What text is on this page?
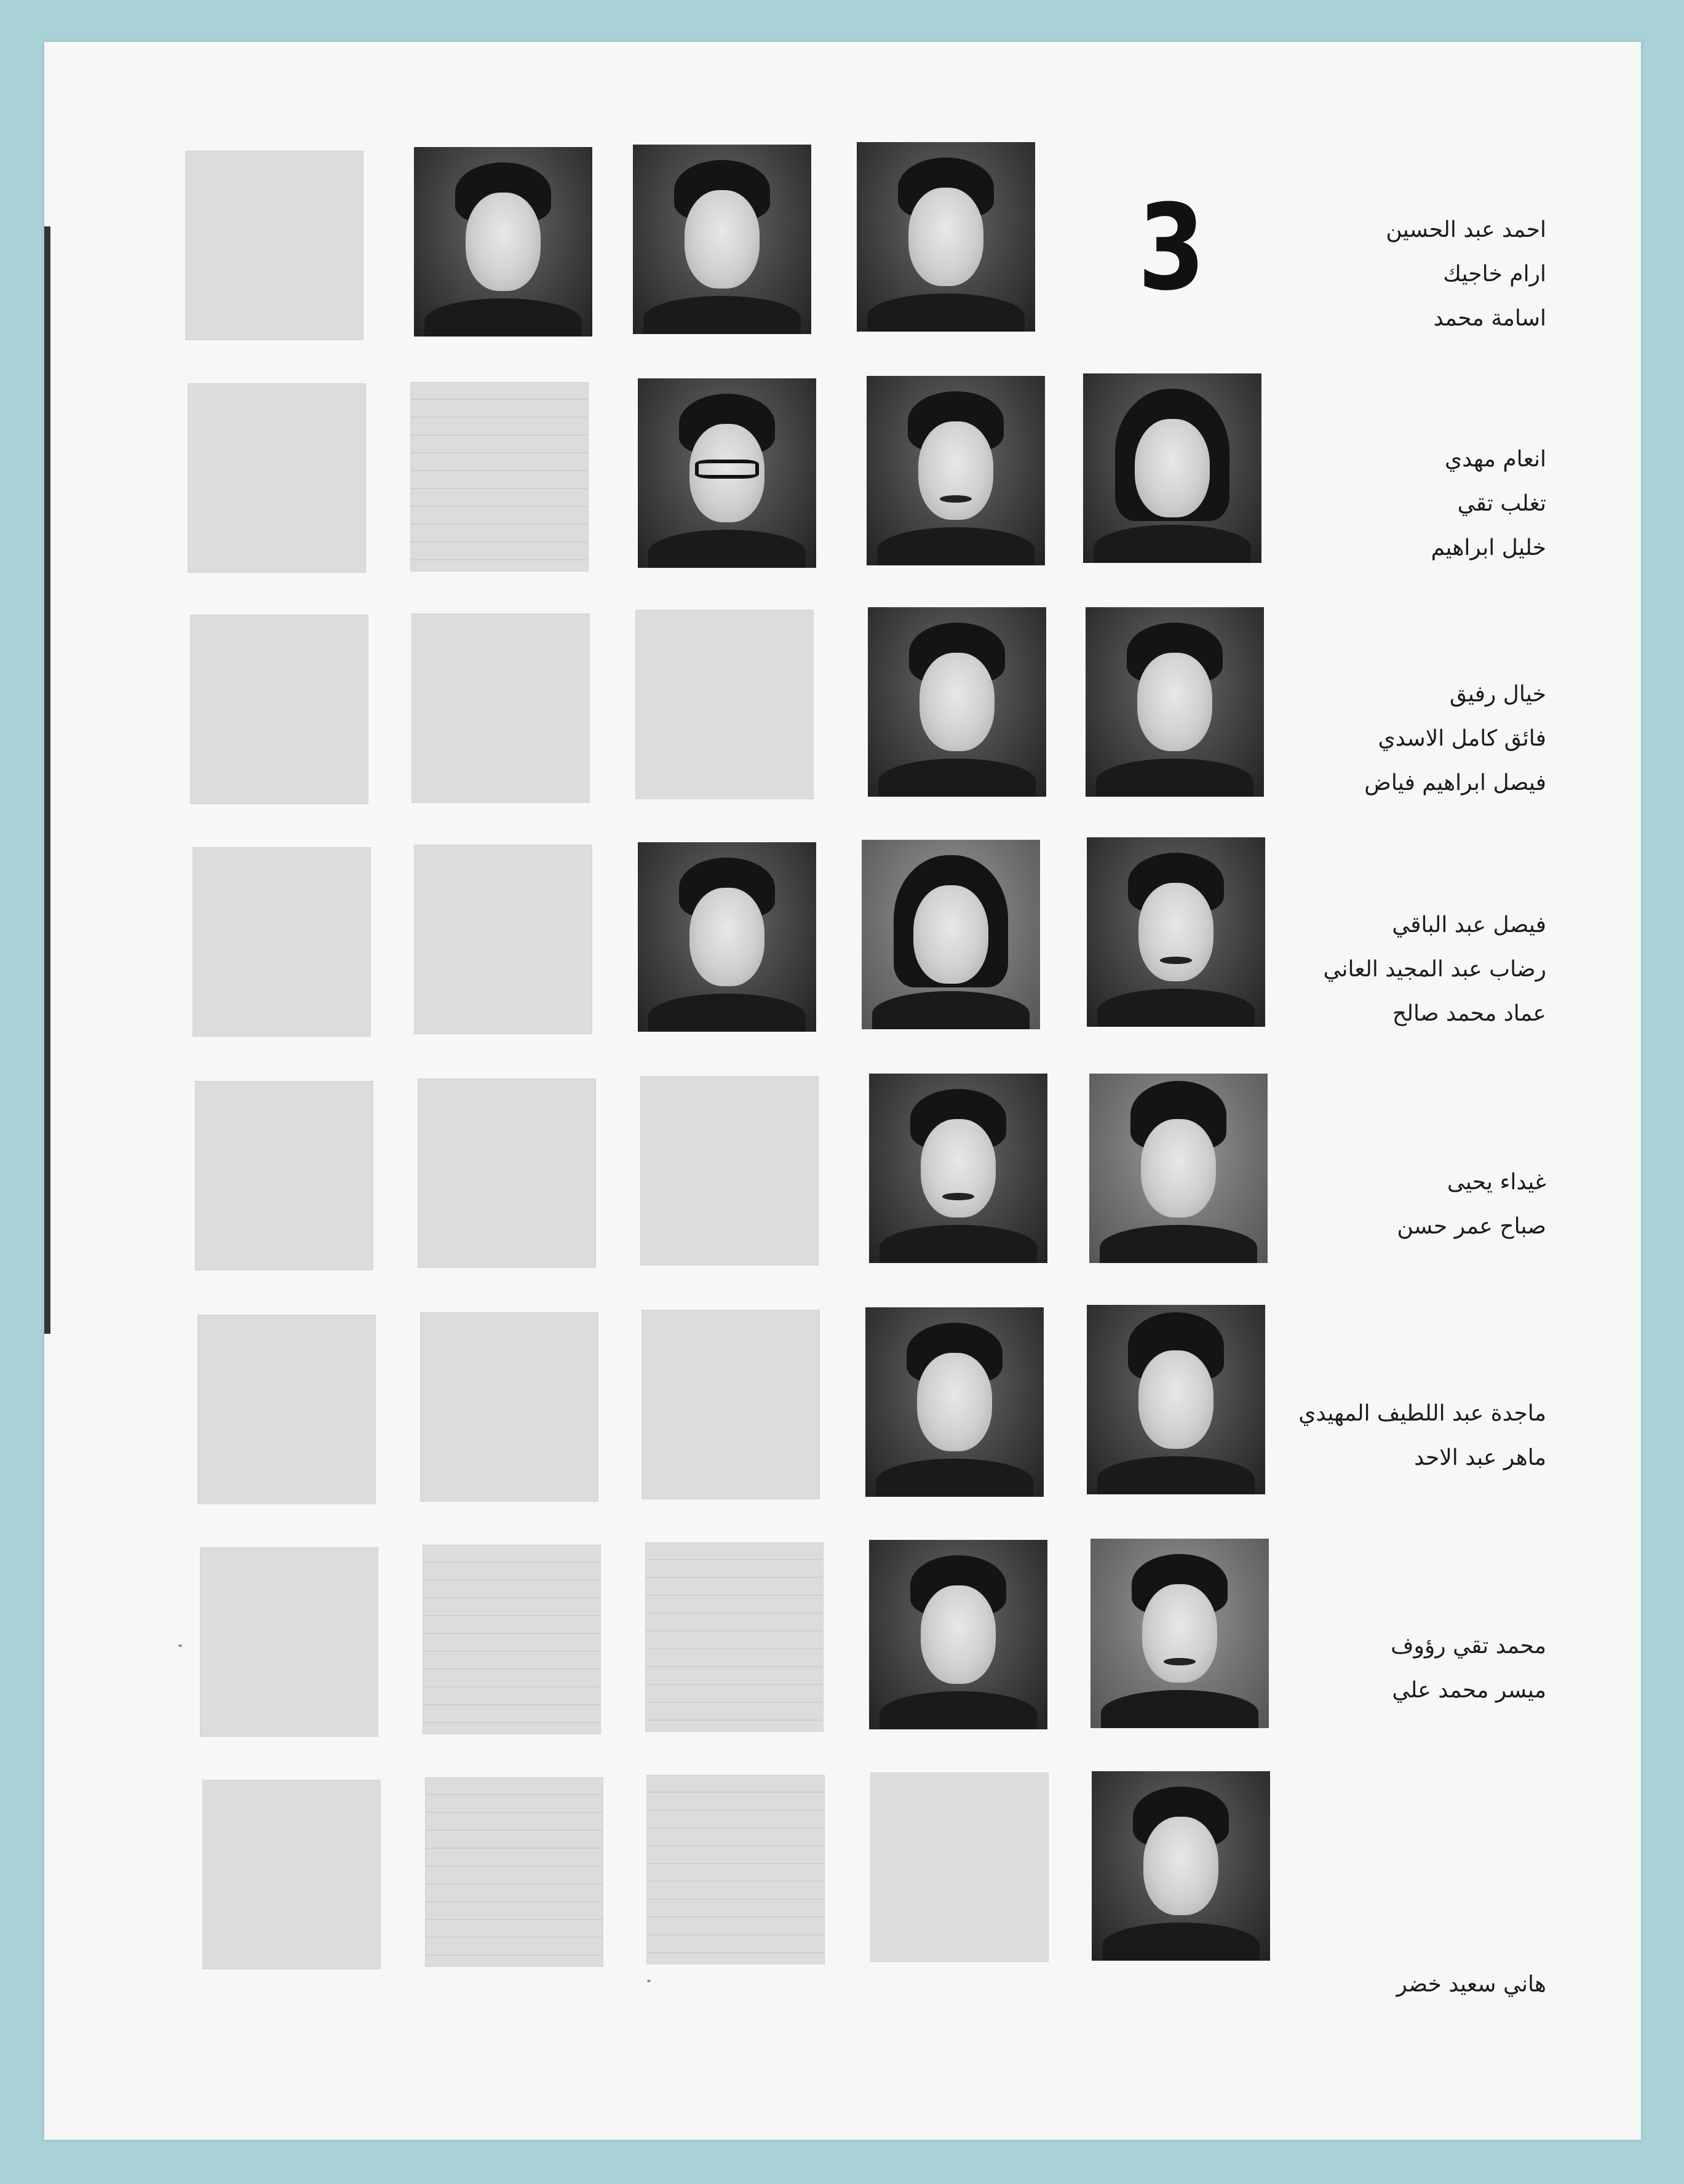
3	احمد عبد الحسين
ارام خاجيك
اسامة محمد
انعام مهدي
تغلب تقي
خليل ابراهيم
خيال رفيق
فائق كامل الاسدي
فيصل ابراهيم فياض
فيصل عبد الباقي
رضاب عبد المجيد العاني
عماد محمد صالح
غيداء يحيى
صباح عمر حسن
ماجدة عبد اللطيف المهيدي
ماهر عبد الاحد
محمد تقي رؤوف
ميسر محمد علي
هاني سعيد خضر
